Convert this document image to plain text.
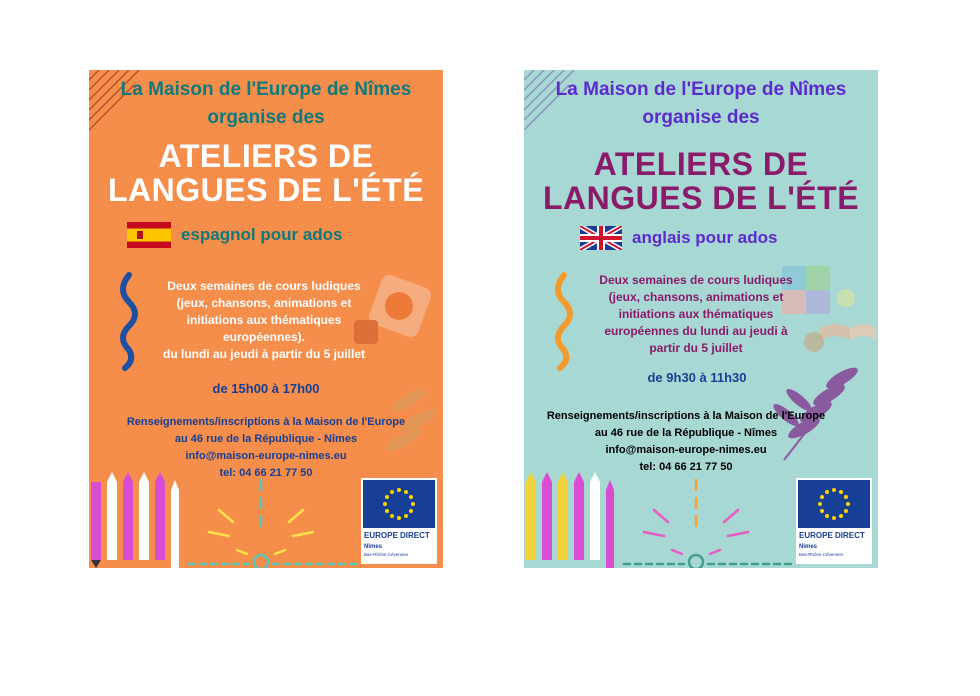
La Maison de l'Europe de Nîmes
organise des
ATELIERS DE
LANGUES DE L'ÉTÉ
espagnol pour ados
Deux semaines de cours ludiques
(jeux, chansons, animations et
initiations aux thématiques
européennes).
du lundi au jeudi à partir du 5 juillet
de 15h00 à 17h00
Renseignements/inscriptions à la Maison de l'Europe
au 46 rue de la République - Nîmes
info@maison-europe-nimes.eu
tel: 04 66 21 77 50
EUROPE DIRECT
Nîmes
Bas-Rhône Cévennes
La Maison de l'Europe de Nîmes
organise des
ATELIERS DE
LANGUES DE L'ÉTÉ
anglais pour ados
Deux semaines de cours ludiques
(jeux, chansons, animations et
initiations aux thématiques
européennes du lundi au jeudi à
partir du 5 juillet
de 9h30 à 11h30
Renseignements/inscriptions à la Maison de l'Europe
au 46 rue de la République - Nîmes
info@maison-europe-nimes.eu
tel: 04 66 21 77 50
EUROPE DIRECT
Nîmes
Bas-Rhône Cévennes
